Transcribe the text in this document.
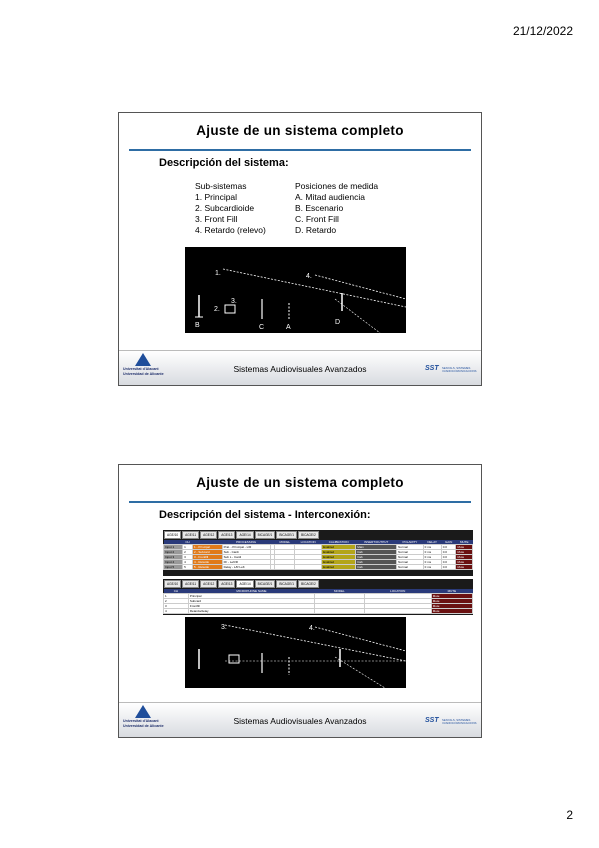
21/12/2022
Ajuste de un sistema completo
Descripción del sistema:
Sub-sistemas
1. Principal
2. Subcardioide
3. Front Fill
4. Retardo (relevo)
Posiciones de medida
A. Mitad audiencia
B. Escenario
C. Front Fill
D. Retardo
1.	4.
2.
3.
B	C	A
D
Universitat d'Alacant
Universidad de Alicante	Sistemas Audiovisuales Avanzados	SST SENYALS, SISTEMES
I RADIOCOMUNICACIONS
Ajuste de un sistema completo
Descripción del sistema - Interconexión:
AGE/10	AGE/11	AGE/12	AGE/13	AGE/14	BICAGE/1	BICAGE/1	BICAGE/2
	CH		PROCESSING		MODEL	LOCATION	CALIBRATION	INSERT/OUTPUT	POLARITY	DELAY	GAIN	MUTE
Input 1	1	1 - Principal	Pral. - Principal - L/R				Enabled	Main	Normal	0 ms	0.0	Mute
Input 2	2	2 - Subcard	Sub - Cardi				Enabled	Cab	Normal	0 ms	0.0	Mute
Input 3	3	3 - Frontfill	Sub L - Cardi				Enabled	Cab	Normal	0 ms	0.0	Mute
Input 4	4	4 - Retardo	FF - Left/R				Enabled	Cab	Normal	0 ms	0.0	Mute
Input 5	5	5 - Retardo	Delay - L/R Left				Enabled	Cab	Normal	0 ms	0.0	Mute
AGE/10	AGE/11	AGE/12	AGE/13	AGE/14	BICAGE/1	BICAGE/1	BICAGE/2
CH	MICROPHONE NAME	MODEL	LOCATION	MUTE
1	Principal			Mute
2	Subcard			Mute
3	Frontfill			Mute
4	Retardo/delay			Mute
3.	4.
Universitat d'Alacant
Universidad de Alicante	Sistemas Audiovisuales Avanzados	SST SENYALS, SISTEMES
I RADIOCOMUNICACIONS
2
